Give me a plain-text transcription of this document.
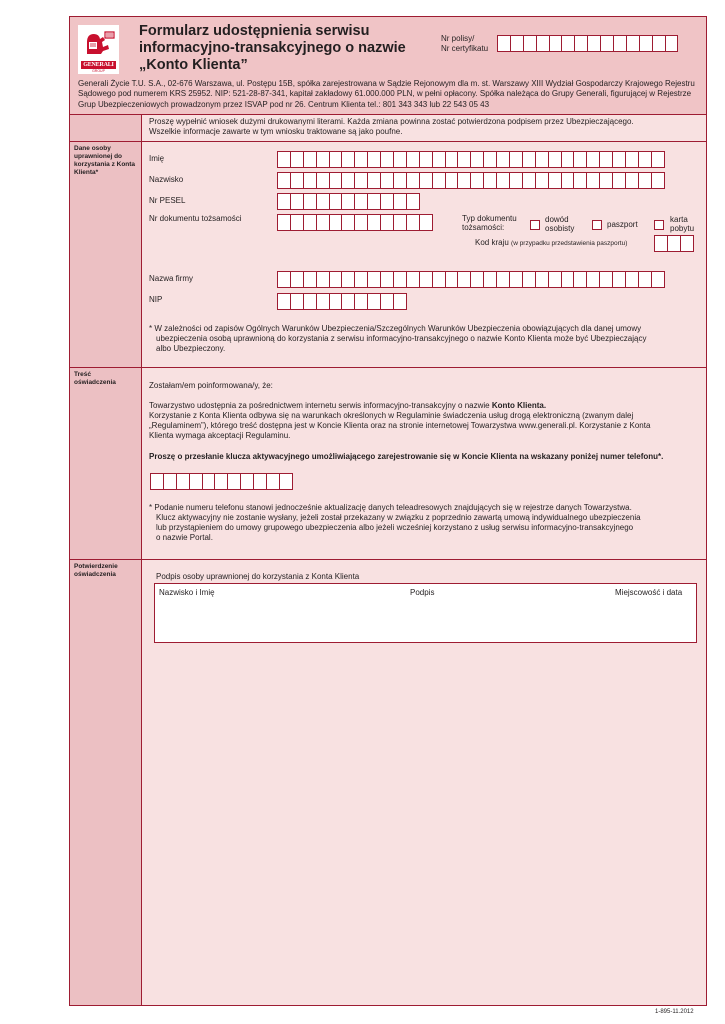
GENERALI
GROUP
Formularz udostępnienia serwisu
informacyjno-transakcyjnego o nazwie
„Konto Klienta”
Nr polisy/
Nr certyfikatu
Generali Życie T.U. S.A., 02-676 Warszawa, ul. Postępu 15B, spółka zarejestrowana w Sądzie Rejonowym dla m. st. Warszawy XIII Wydział Gospodarczy Krajowego Rejestru Sądowego pod numerem KRS 25952. NIP: 521-28-87-341, kapitał zakładowy 61.000.000 PLN, w pełni opłacony. Spółka należąca do Grupy Generali, figurującej w Rejestrze Grup Ubezpieczeniowych prowadzonym przez ISVAP pod nr 26. Centrum Klienta tel.: 801 343 343 lub 22 543 05 43
Proszę wypełnić wniosek dużymi drukowanymi literami. Każda zmiana powinna zostać potwierdzona podpisem przez Ubezpieczającego.
Wszelkie informacje zawarte w tym wniosku traktowane są jako poufne.
Dane osoby uprawnionej do korzystania z Konta Klienta*
Imię
Nazwisko
Nr PESEL
Nr dokumentu tożsamości	Typ dokumentu
tożsamości:
dowód
osobisty	paszport
karta
pobytu
Kod kraju (w przypadku przedstawienia paszportu)
Nazwa firmy
NIP
* W zależności od zapisów Ogólnych Warunków Ubezpieczenia/Szczególnych Warunków Ubezpieczenia obowiązujących dla danej umowy
ubezpieczenia osobą uprawnioną do korzystania z serwisu informacyjno-transakcyjnego o nazwie Konto Klienta może być Ubezpieczający
albo Ubezpieczony.
Treść
oświadczenia	Zostałam/em poinformowana/y, że:
Towarzystwo udostępnia za pośrednictwem internetu serwis informacyjno-transakcyjny o nazwie Konto Klienta.
Korzystanie z Konta Klienta odbywa się na warunkach określonych w Regulaminie świadczenia usług drogą elektroniczną (zwanym dalej
„Regulaminem”), którego treść dostępna jest w Koncie Klienta oraz na stronie internetowej Towarzystwa www.generali.pl. Korzystanie z Konta
Klienta wymaga akceptacji Regulaminu.
Proszę o przesłanie klucza aktywacyjnego umożliwiającego zarejestrowanie się w Koncie Klienta na wskazany poniżej numer telefonu*.
* Podanie numeru telefonu stanowi jednocześnie aktualizację danych teleadresowych znajdujących się w rejestrze danych Towarzystwa.
Klucz aktywacyjny nie zostanie wysłany, jeżeli został przekazany w związku z poprzednio zawartą umową indywidualnego ubezpieczenia
lub przystąpieniem do umowy grupowego ubezpieczenia albo jeżeli wcześniej korzystano z usług serwisu informacyjno-transakcyjnego
o nazwie Portal.
Potwierdzenie
oświadczenia	Podpis osoby uprawnionej do korzystania z Konta Klienta
Nazwisko i Imię	Podpis	Miejscowość i data
1-895-11.2012
